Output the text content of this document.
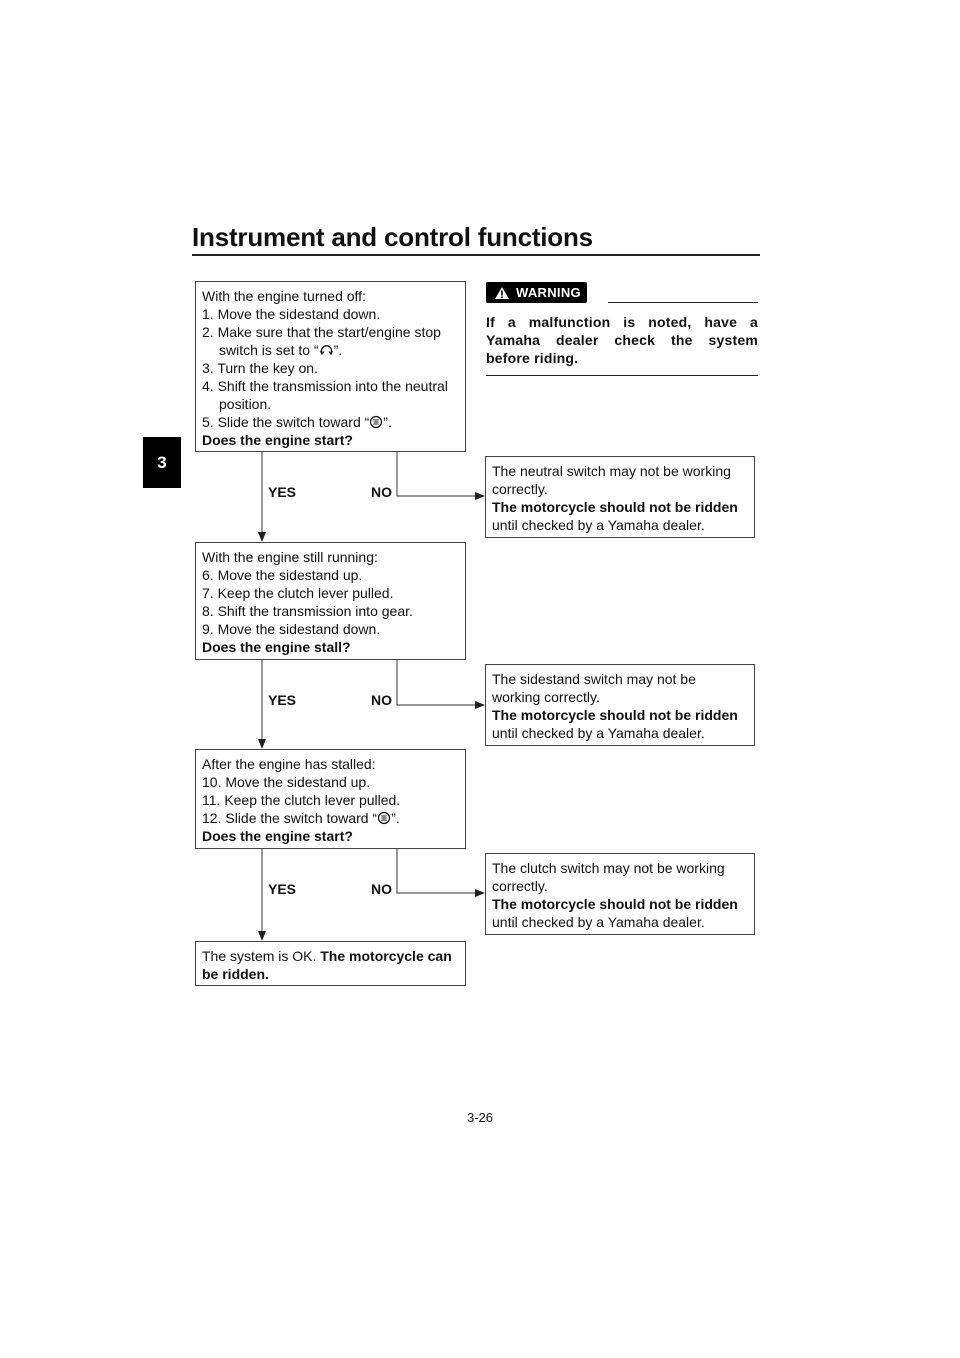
Instrument and control functions
3
With the engine turned off:
1. Move the sidestand down.
2. Make sure that the start/engine stop
switch is set to “ ”.
3. Turn the key on.
4. Shift the transmission into the neutral
position.
5. Slide the switch toward “ ”.
Does the engine start?
YES	NO
The neutral switch may not be working
correctly.
The motorcycle should not be ridden
until checked by a Yamaha dealer.
With the engine still running:
6. Move the sidestand up.
7. Keep the clutch lever pulled.
8. Shift the transmission into gear.
9. Move the sidestand down.
Does the engine stall?
YES	NO
The sidestand switch may not be
working correctly.
The motorcycle should not be ridden
until checked by a Yamaha dealer.
After the engine has stalled:
10. Move the sidestand up.
11. Keep the clutch lever pulled.
12. Slide the switch toward “ ”.
Does the engine start?
YES	NO
The clutch switch may not be working
correctly.
The motorcycle should not be ridden
until checked by a Yamaha dealer.
The system is OK. The motorcycle can
be ridden.
WARNING
If a malfunction is noted, have a Yamaha dealer check the system before riding.
3-26
